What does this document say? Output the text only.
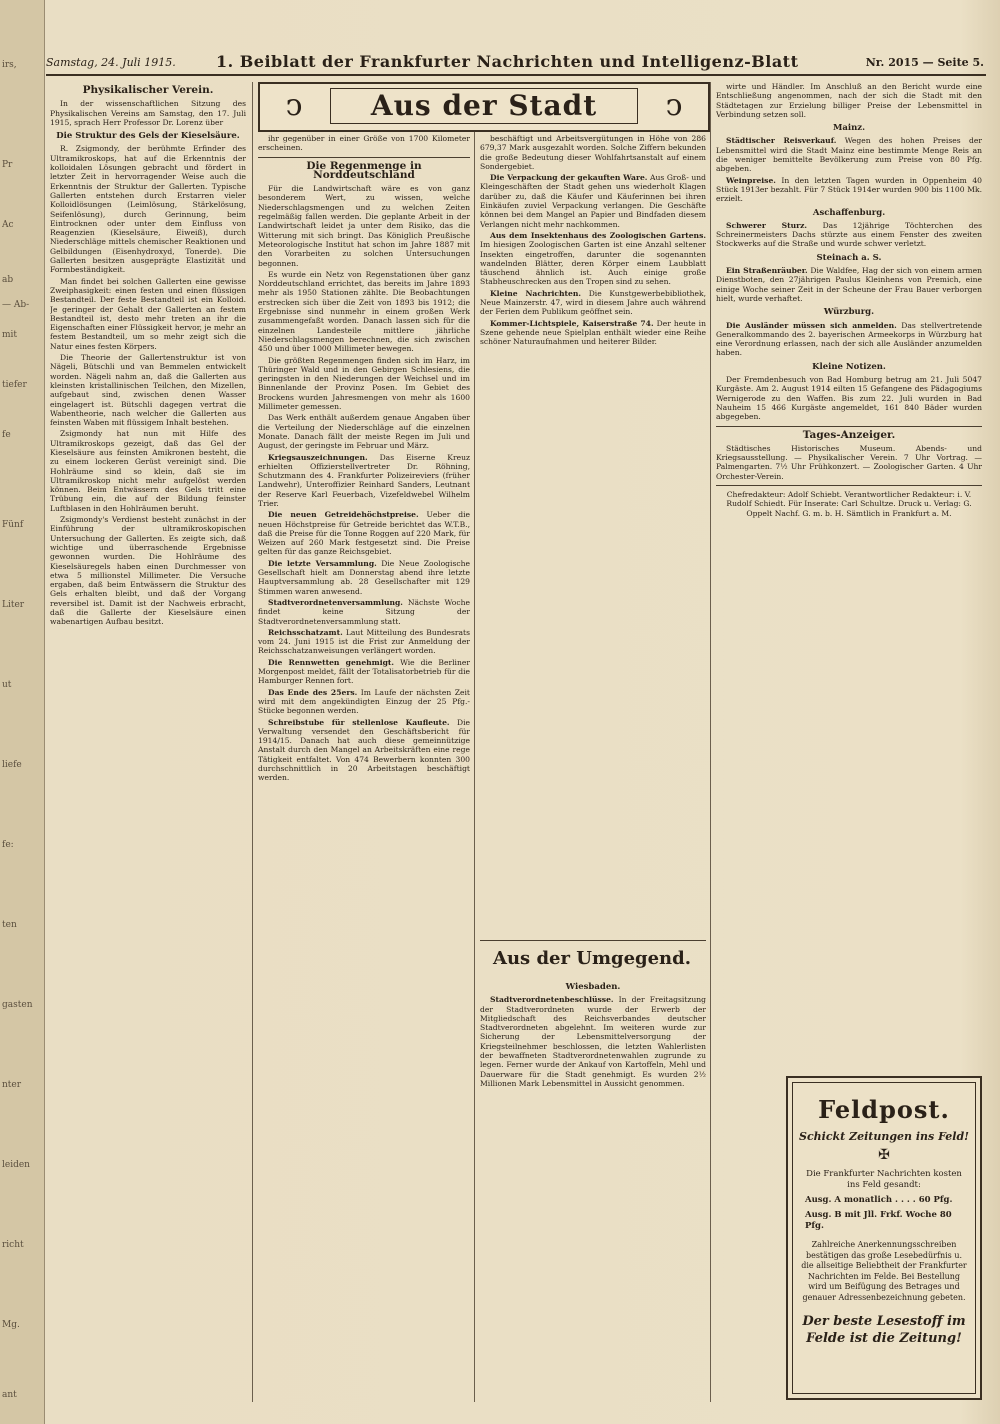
irs,
Pr
Ac
ab
— Ab-
mit
tiefer
fe
Fünf
Liter
ut
liefe
fe:
ten
gasten
nter
leiden
richt
Mg.
ant
Samstag, 24. Juli 1915.	1. Beiblatt der Frankfurter Nachrichten und Intelligenz-Blatt	Nr. 2015 — Seite 5.
ↄ	Aus der Stadt	ↄ
Physikalischer Verein.

In der wissenschaftlichen Sitzung des Physikalischen Vereins am Samstag, den 17. Juli 1915, sprach Herr Professor Dr. Lorenz über

Die Struktur des Gels der Kieselsäure.

R. Zsigmondy, der berühmte Erfinder des Ultramikroskops, hat auf die Erkenntnis der kolloidalen Lösungen gebracht und fördert in letzter Zeit in hervorragender Weise auch die Erkenntnis der Struktur der Gallerten. Typische Gallerten entstehen durch Erstarren vieler Kolloidlösungen (Leimlösung, Stärkelösung, Seifenlösung), durch Gerinnung, beim Eintrocknen oder unter dem Einfluss von Reagenzien (Kieselsäure, Eiweiß), durch Niederschläge mittels chemischer Reaktionen und Gelbildungen (Eisenhydroxyd, Tonerde). Die Gallerten besitzen ausgeprägte Elastizität und Formbeständigkeit.

Man findet bei solchen Gallerten eine gewisse Zweiphasigkeit: einen festen und einen flüssigen Bestandteil. Der feste Bestandteil ist ein Kolloid. Je geringer der Gehalt der Gallerten an festem Bestandteil ist, desto mehr treten an ihr die Eigenschaften einer Flüssigkeit hervor, je mehr an festem Bestandteil, um so mehr zeigt sich die Natur eines festen Körpers.

Die Theorie der Gallertenstruktur ist von Nägeli, Bütschli und van Bemmelen entwickelt worden. Nägeli nahm an, daß die Gallerten aus kleinsten kristallinischen Teilchen, den Mizellen, aufgebaut sind, zwischen denen Wasser eingelagert ist. Bütschli dagegen vertrat die Wabentheorie, nach welcher die Gallerten aus feinsten Waben mit flüssigem Inhalt bestehen.

Zsigmondy hat nun mit Hilfe des Ultramikroskops gezeigt, daß das Gel der Kieselsäure aus feinsten Amikronen besteht, die zu einem lockeren Gerüst vereinigt sind. Die Hohlräume sind so klein, daß sie im Ultramikroskop nicht mehr aufgelöst werden können. Beim Entwässern des Gels tritt eine Trübung ein, die auf der Bildung feinster Luftblasen in den Hohlräumen beruht.

Zsigmondy's Verdienst besteht zunächst in der Einführung der ultramikroskopischen Untersuchung der Gallerten. Es zeigte sich, daß wichtige und überraschende Ergebnisse gewonnen wurden. Die Hohlräume des Kieselsäuregels haben einen Durchmesser von etwa 5 millionstel Millimeter. Die Versuche ergaben, daß beim Entwässern die Struktur des Gels erhalten bleibt, und daß der Vorgang reversibel ist. Damit ist der Nachweis erbracht, daß die Gallerte der Kieselsäure einen wabenartigen Aufbau besitzt.

ihr gegenüber in einer Größe von 1700 Kilometer erscheinen.

Die Regenmenge in Norddeutschland

Für die Landwirtschaft wäre es von ganz besonderem Wert, zu wissen, welche Niederschlagsmengen und zu welchen Zeiten regelmäßig fallen werden. Die geplante Arbeit in der Landwirtschaft leidet ja unter dem Risiko, das die Witterung mit sich bringt. Das Königlich Preußische Meteorologische Institut hat schon im Jahre 1887 mit den Vorarbeiten zu solchen Untersuchungen begonnen.

Es wurde ein Netz von Regenstationen über ganz Norddeutschland errichtet, das bereits im Jahre 1893 mehr als 1950 Stationen zählte. Die Beobachtungen erstrecken sich über die Zeit von 1893 bis 1912; die Ergebnisse sind nunmehr in einem großen Werk zusammengefaßt worden. Danach lassen sich für die einzelnen Landesteile mittlere jährliche Niederschlagsmengen berechnen, die sich zwischen 450 und über 1000 Millimeter bewegen.

Die größten Regenmengen finden sich im Harz, im Thüringer Wald und in den Gebirgen Schlesiens, die geringsten in den Niederungen der Weichsel und im Binnenlande der Provinz Posen. Im Gebiet des Brockens wurden Jahresmengen von mehr als 1600 Millimeter gemessen.

Das Werk enthält außerdem genaue Angaben über die Verteilung der Niederschläge auf die einzelnen Monate. Danach fällt der meiste Regen im Juli und August, der geringste im Februar und März.

Kriegsauszeichnungen. Das Eiserne Kreuz erhielten Offizierstellvertreter Dr. Röhning, Schutzmann des 4. Frankfurter Polizeireviers (früher Landwehr), Unteroffizier Reinhard Sanders, Leutnant der Reserve Karl Feuerbach, Vizefeldwebel Wilhelm Trier.

Die neuen Getreidehöchstpreise. Ueber die neuen Höchstpreise für Getreide berichtet das W.T.B., daß die Preise für die Tonne Roggen auf 220 Mark, für Weizen auf 260 Mark festgesetzt sind. Die Preise gelten für das ganze Reichsgebiet.

Die letzte Versammlung. Die Neue Zoologische Gesellschaft hielt am Donnerstag abend ihre letzte Hauptversammlung ab. 28 Gesellschafter mit 129 Stimmen waren anwesend.

Stadtverordnetenversammlung. Nächste Woche findet keine Sitzung der Stadtverordnetenversammlung statt.

Reichsschatzamt. Laut Mitteilung des Bundesrats vom 24. Juni 1915 ist die Frist zur Anmeldung der Reichsschatzanweisungen verlängert worden.

Die Rennwetten genehmigt. Wie die Berliner Morgenpost meldet, fällt der Totalisatorbetrieb für die Hamburger Rennen fort.

Das Ende des 25ers. Im Laufe der nächsten Zeit wird mit dem angekündigten Einzug der 25 Pfg.-Stücke begonnen werden.

Schreibstube für stellenlose Kaufleute. Die Verwaltung versendet den Geschäftsbericht für 1914/15. Danach hat auch diese gemeinnützige Anstalt durch den Mangel an Arbeitskräften eine rege Tätigkeit entfaltet. Von 474 Bewerbern konnten 300 durchschnittlich in 20 Arbeitstagen beschäftigt werden.

beschäftigt und Arbeitsvergütungen in Höhe von 286 679,37 Mark ausgezahlt worden. Solche Ziffern bekunden die große Bedeutung dieser Wohlfahrtsanstalt auf einem Sondergebiet.

Die Verpackung der gekauften Ware. Aus Groß- und Kleingeschäften der Stadt gehen uns wiederholt Klagen darüber zu, daß die Käufer und Käuferinnen bei ihren Einkäufen zuviel Verpackung verlangen. Die Geschäfte können bei dem Mangel an Papier und Bindfaden diesem Verlangen nicht mehr nachkommen.

Aus dem Insektenhaus des Zoologischen Gartens. Im hiesigen Zoologischen Garten ist eine Anzahl seltener Insekten eingetroffen, darunter die sogenannten wandelnden Blätter, deren Körper einem Laubblatt täuschend ähnlich ist. Auch einige große Stabheuschrecken aus den Tropen sind zu sehen.

Kleine Nachrichten. Die Kunstgewerbebibliothek, Neue Mainzerstr. 47, wird in diesem Jahre auch während der Ferien dem Publikum geöffnet sein.

Kommer-Lichtspiele, Kaiserstraße 74. Der heute in Szene gehende neue Spielplan enthält wieder eine Reihe schöner Naturaufnahmen und heiterer Bilder.

Aus der Umgegend.
Wiesbaden.

Stadtverordnetenbeschlüsse. In der Freitagsitzung der Stadtverordneten wurde der Erwerb der Mitgliedschaft des Reichsverbandes deutscher Stadtverordneten abgelehnt. Im weiteren wurde zur Sicherung der Lebensmittelversorgung der Kriegsteilnehmer beschlossen, die letzten Wahlerlisten der bewaffneten Stadtverordnetenwahlen zugrunde zu legen. Ferner wurde der Ankauf von Kartoffeln, Mehl und Dauerware für die Stadt genehmigt. Es wurden 2½ Millionen Mark Lebensmittel in Aussicht genommen.

wirte und Händler. Im Anschluß an den Bericht wurde eine Entschließung angenommen, nach der sich die Stadt mit den Städtetagen zur Erzielung billiger Preise der Lebensmittel in Verbindung setzen soll.

Mainz.

Städtischer Reisverkauf. Wegen des hohen Preises der Lebensmittel wird die Stadt Mainz eine bestimmte Menge Reis an die weniger bemittelte Bevölkerung zum Preise von 80 Pfg. abgeben.

Weinpreise. In den letzten Tagen wurden in Oppenheim 40 Stück 1913er bezahlt. Für 7 Stück 1914er wurden 900 bis 1100 Mk. erzielt.

Aschaffenburg.

Schwerer Sturz. Das 12jährige Töchterchen des Schreinermeisters Dachs stürzte aus einem Fenster des zweiten Stockwerks auf die Straße und wurde schwer verletzt.

Steinach a. S.

Ein Straßenräuber. Die Waldfee, Hag der sich von einem armen Dienstboten, den 27jährigen Paulus Kleinhens von Premich, eine einige Woche seiner Zeit in der Scheune der Frau Bauer verborgen hielt, wurde verhaftet.

Würzburg.

Die Ausländer müssen sich anmelden. Das stellvertretende Generalkommando des 2. bayerischen Armeekorps in Würzburg hat eine Verordnung erlassen, nach der sich alle Ausländer anzumelden haben.

Kleine Notizen.

Der Fremdenbesuch von Bad Homburg betrug am 21. Juli 5047 Kurgäste. Am 2. August 1914 eilten 15 Gefangene des Pädagogiums Wernigerode zu den Waffen. Bis zum 22. Juli wurden in Bad Nauheim 15 466 Kurgäste angemeldet, 161 840 Bäder wurden abgegeben.

Tages-Anzeiger.

Städtisches Historisches Museum. Abends- und Kriegsausstellung. — Physikalischer Verein. 7 Uhr Vortrag. — Palmengarten. 7½ Uhr Frühkonzert. — Zoologischer Garten. 4 Uhr Orchester-Verein.

Chefredakteur: Adolf Schiebt. Verantwortlicher Redakteur: i. V. Rudolf Schiedt. Für Inserate: Carl Schultze. Druck u. Verlag: G. Oppelt Nachf. G. m. b. H. Sämtlich in Frankfurt a. M.

Feldpost.
Schickt Zeitungen ins Feld!
✠
Die Frankfurter Nachrichten kosten ins Feld gesandt:
Ausg. A monatlich . . . . 60 Pfg.
Ausg. B mit Jll. Frkf. Woche 80 Pfg.
Zahlreiche Anerkennungsschreiben bestätigen das große Lesebedürfnis u. die allseitige Beliebtheit der Frankfurter Nachrichten im Felde. Bei Bestellung wird um Beifügung des Betrages und genauer Adressenbezeichnung gebeten.
Der beste Lesestoff im Felde ist die Zeitung!
